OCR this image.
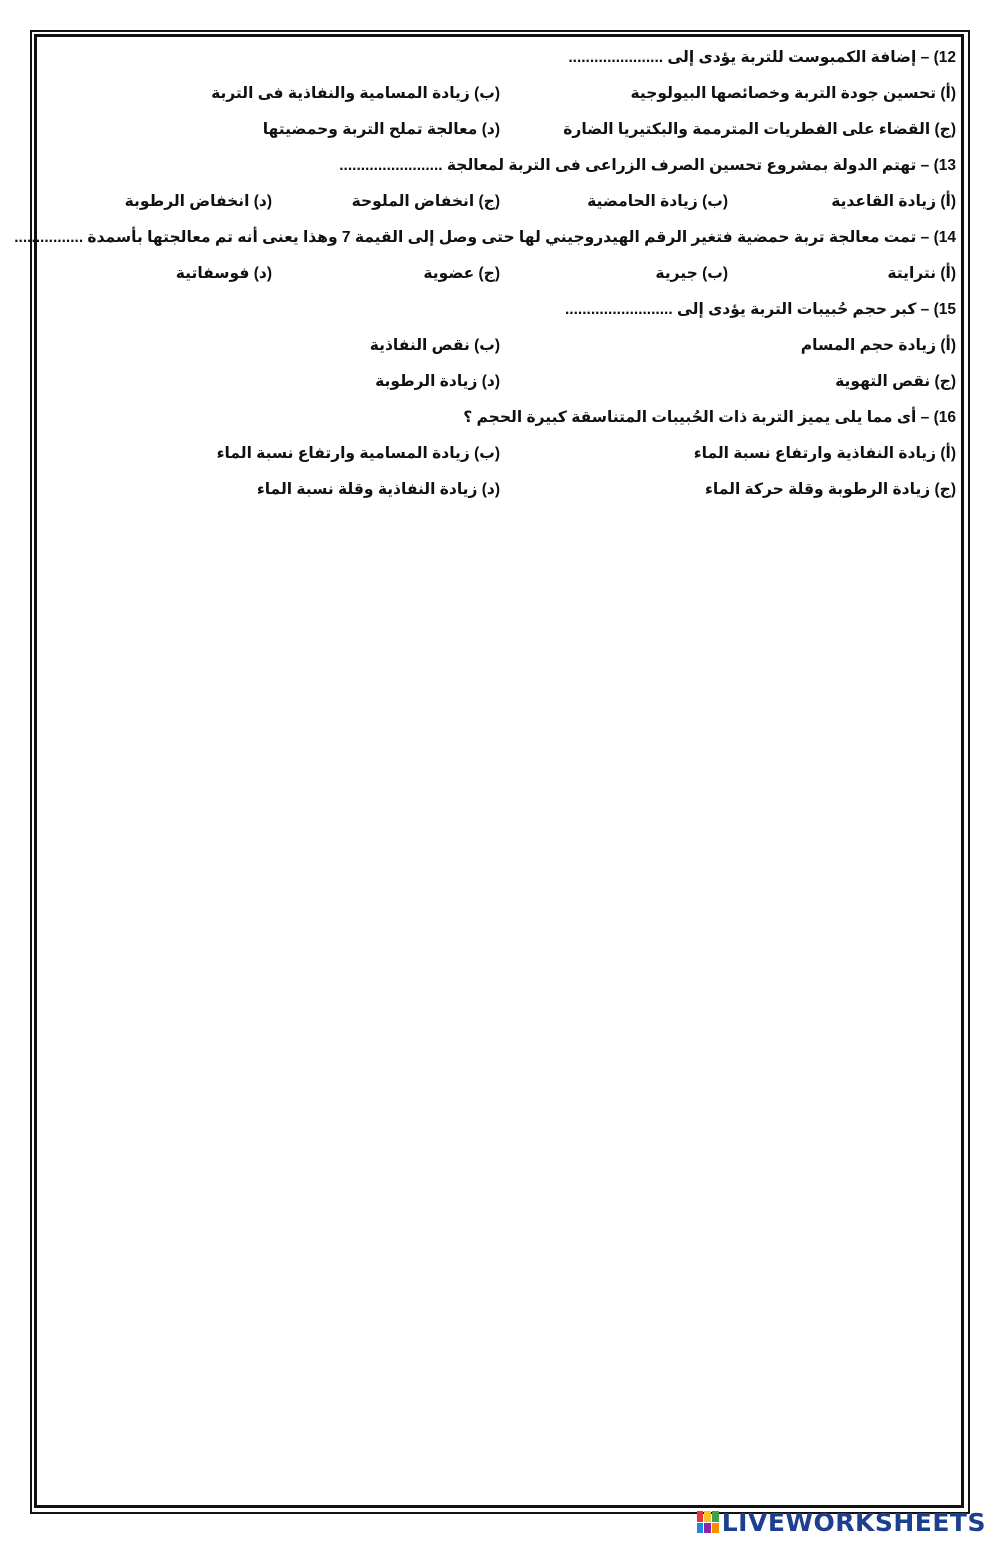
12) – إضافة الكمبوست للتربة يؤدى إلى ......................
(أ) تحسين جودة التربة وخصائصها البيولوجية
(ب) زيادة المسامية والنفاذية فى التربة
(ج) القضاء على الفطريات المترممة والبكتيريا الضارة
(د) معالجة تملح التربة وحمضيتها
13) – تهتم الدولة بمشروع تحسين الصرف الزراعى فى التربة لمعالجة ........................
(أ) زيادة القاعدية
(ب) زيادة الحامضية
(ج) انخفاض الملوحة
(د) انخفاض الرطوبة
14) – تمت معالجة تربة حمضية فتغير الرقم الهيدروجيني لها حتى وصل إلى القيمة 7 وهذا يعنى أنه تم معالجتها بأسمدة ................
(أ) نترايتة
(ب) جيرية
(ج) عضوية
(د) فوسفاتية
15) – كبر حجم حُبيبات التربة يؤدى إلى .........................
(أ) زيادة حجم المسام
(ب) نقص النفاذية
(ج) نقص التهوية
(د) زيادة الرطوبة
16) – أى مما يلى يميز التربة ذات الحُبيبات المتناسقة كبيرة الحجم ؟
(أ) زيادة النفاذية وارتفاع نسبة الماء
(ب) زيادة المسامية وارتفاع نسبة الماء
(ج) زيادة الرطوبة وقلة حركة الماء
(د) زيادة النفاذية وقلة نسبة الماء
LIVEWORKSHEETS
